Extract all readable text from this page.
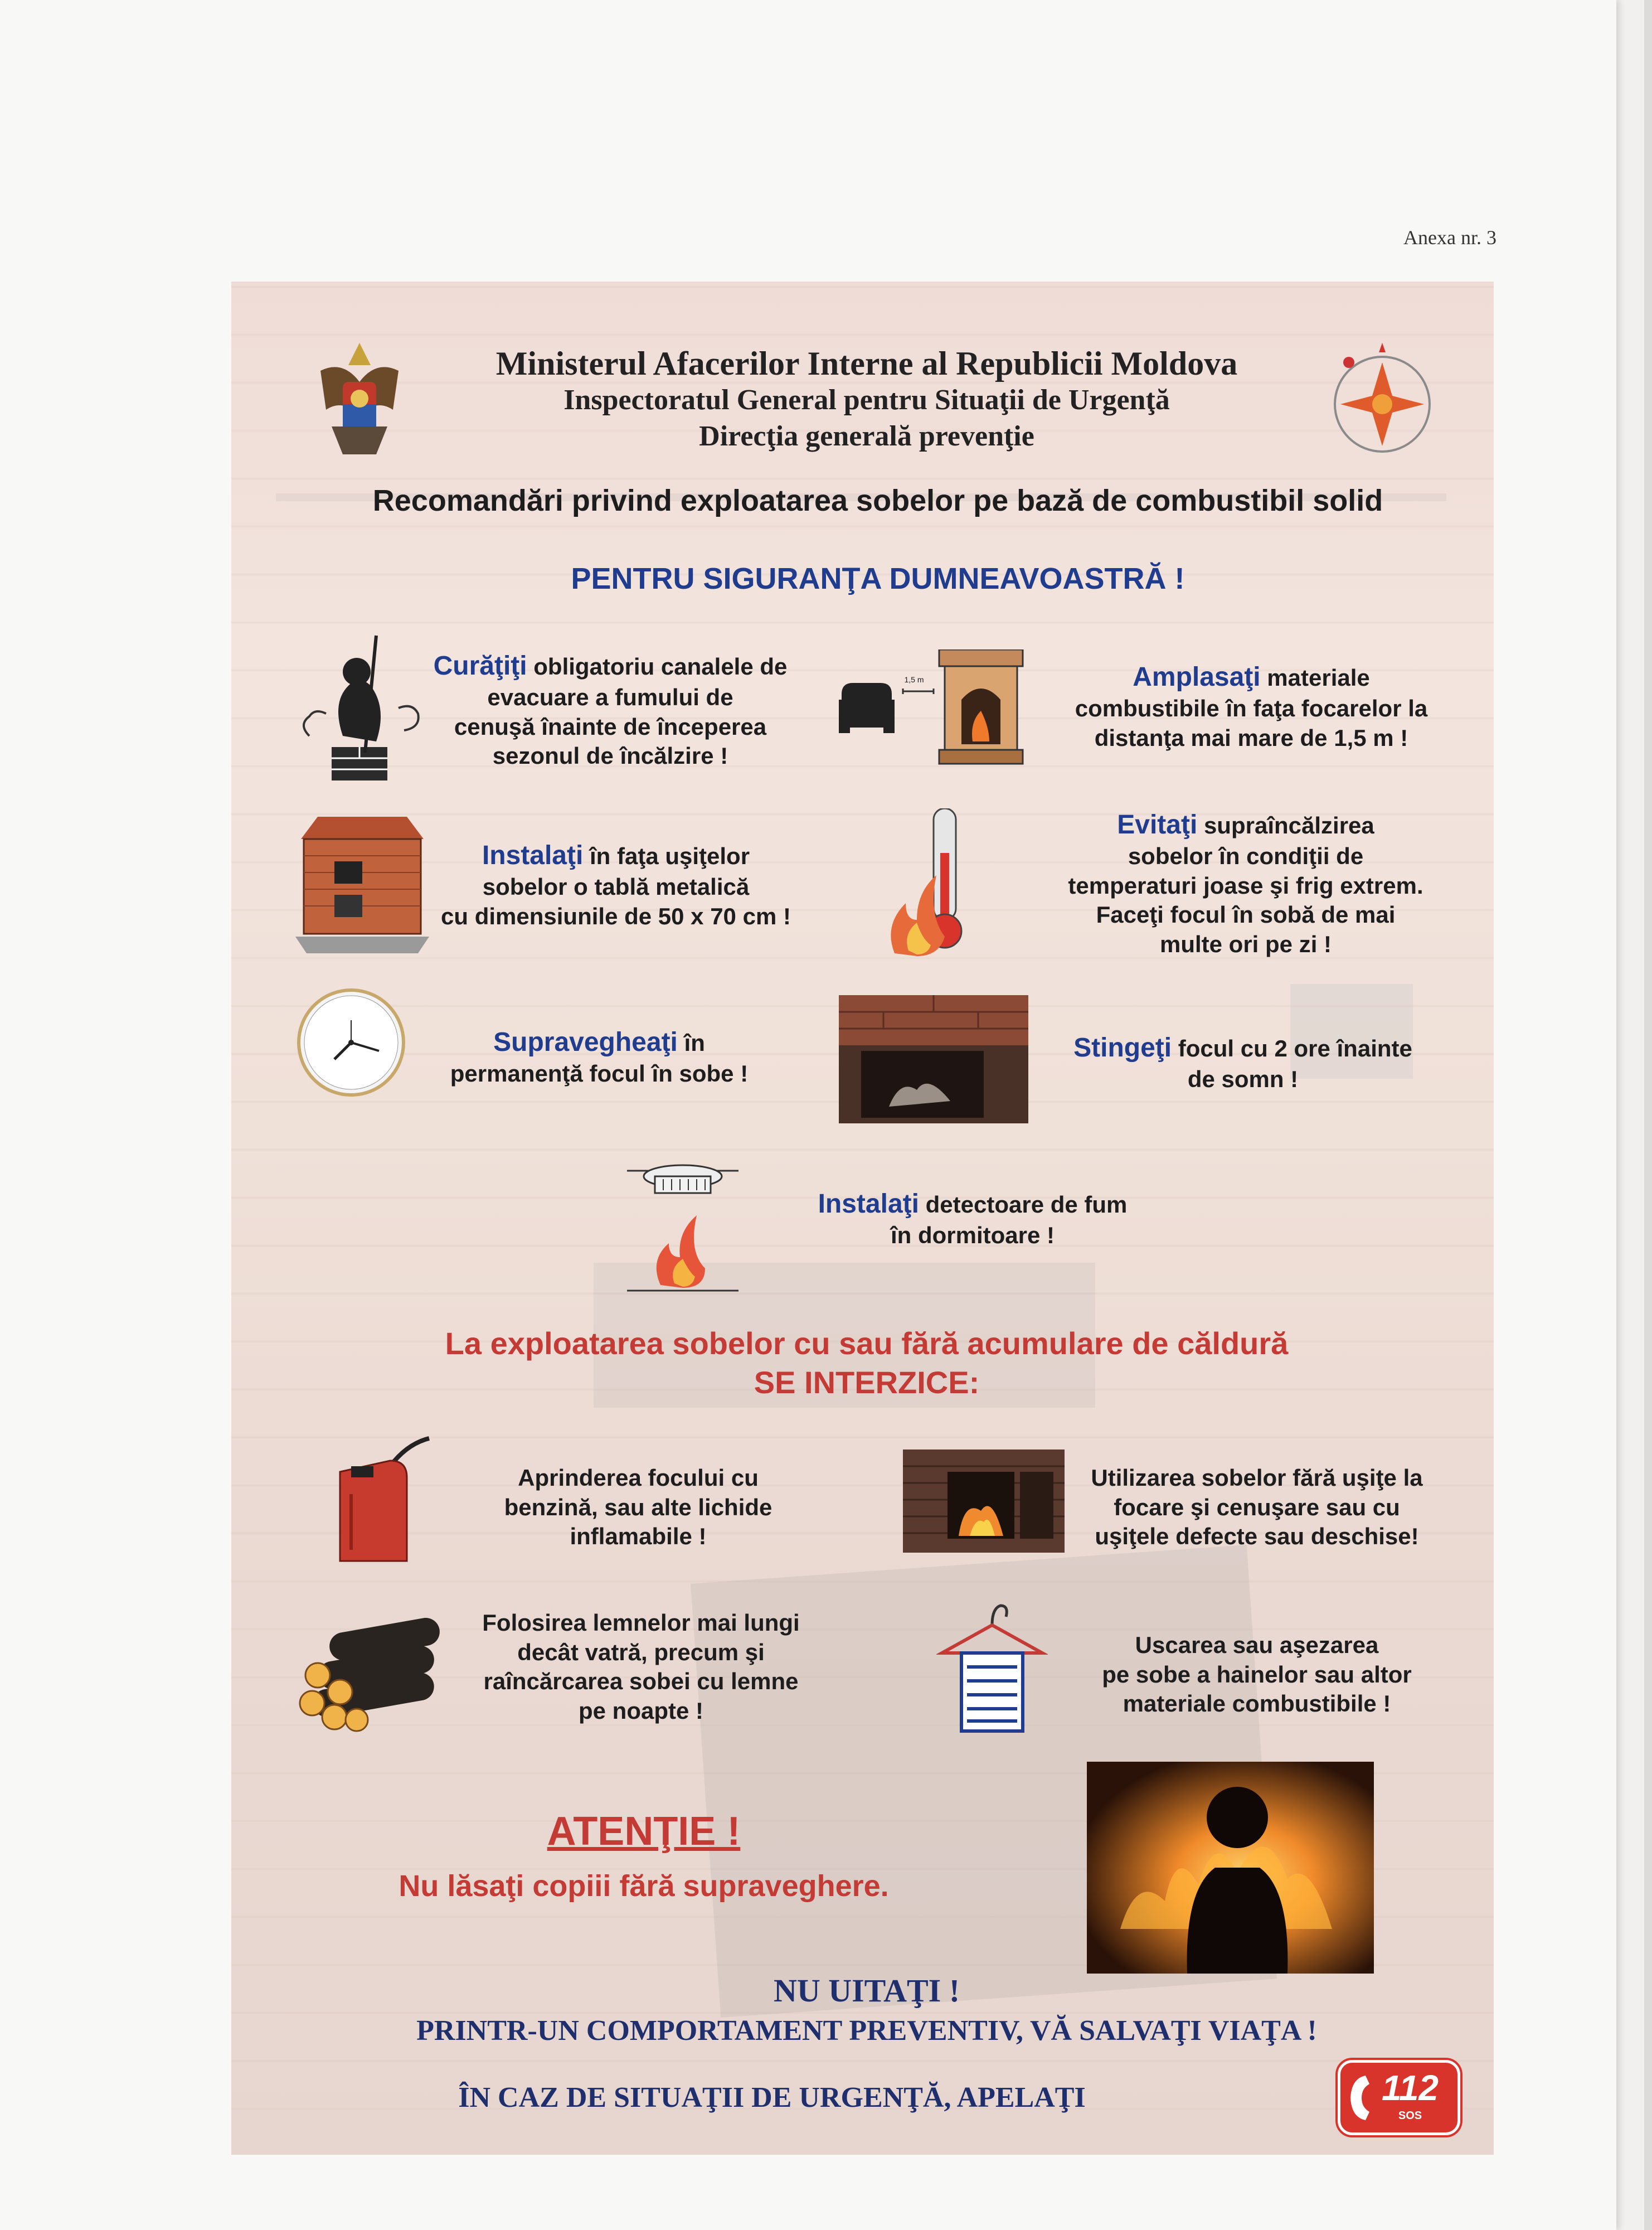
Anexa nr. 3
Ministerul Afacerilor Interne al Republicii Moldova
Inspectoratul General pentru Situaţii de Urgenţă
Direcţia generală prevenţie
Recomandări privind exploatarea sobelor pe bază de combustibil solid
PENTRU SIGURANŢA DUMNEAVOASTRĂ !
Curăţiţi obligatoriu canalele de
evacuare a fumului de
cenuşă înainte de începerea
sezonul de încălzire !
1,5 m	Amplasaţi materiale
combustibile în faţa focarelor la
distanţa mai mare de 1,5 m !
Instalaţi în faţa uşiţelor
sobelor o tablă metalică
cu dimensiunile de 50 x 70 cm !
Evitaţi supraîncălzirea
sobelor în condiţii de
temperaturi joase şi frig extrem.
Faceţi focul în sobă de mai
multe ori pe zi !
Supravegheaţi în
permanenţă focul în sobe !
Stingeţi focul cu 2 ore înainte
de somn !
Instalaţi detectoare de fum
în dormitoare !
La exploatarea sobelor cu sau fără acumulare de căldură
SE INTERZICE:
Aprinderea focului cu
benzină, sau alte lichide
inflamabile !
Utilizarea sobelor fără uşiţe la
focare şi cenuşare sau cu
uşiţele defecte sau deschise!
Folosirea lemnelor mai lungi
decât vatră, precum şi
raîncărcarea sobei cu lemne
pe noapte !
Uscarea sau aşezarea
pe sobe a hainelor sau altor
materiale combustibile !
ATENŢIE !
Nu lăsaţi copiii fără supraveghere.
NU UITAŢI !
PRINTR-UN COMPORTAMENT PREVENTIV, VĂ SALVAŢI VIAŢA !
ÎN CAZ DE SITUAŢII DE URGENŢĂ, APELAŢI	112
SOS
